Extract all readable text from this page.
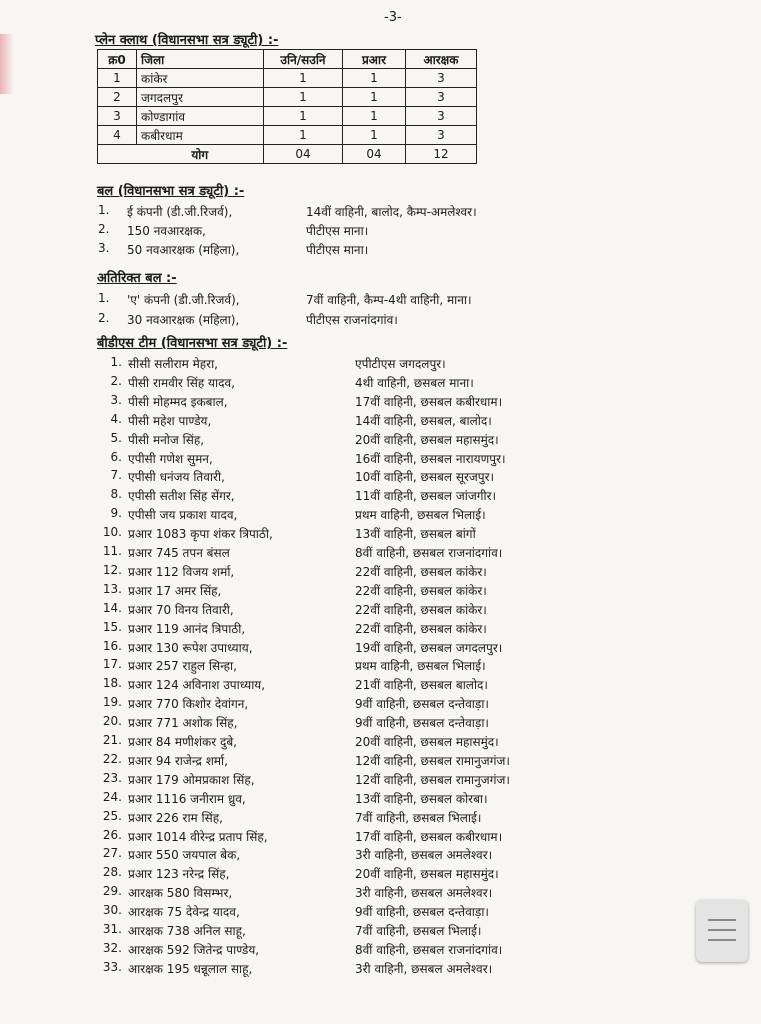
-3-
प्लेन क्लाथ (विधानसभा सत्र ड्यूटी) :-
क्र0	जिला	उनि/सउनि	प्रआर	आरक्षक
1	कांकेर	1	1	3
2	जगदलपुर	1	1	3
3	कोण्डागांव	1	1	3
4	कबीरधाम	1	1	3
	योग	04	04	12
बल (विधानसभा सत्र ड्यूटी) :-
1. ई कंपनी (डी.जी.रिजर्व),	14वीं वाहिनी, बालोद, कैम्प-अमलेश्वर।
2. 150 नवआरक्षक,	पीटीएस माना।
3. 50 नवआरक्षक (महिला),	पीटीएस माना।
अतिरिक्त बल :-
1. 'ए' कंपनी (डी.जी.रिजर्व),	7वीं वाहिनी, कैम्प-4थी वाहिनी, माना।
2. 30 नवआरक्षक (महिला),	पीटीएस राजनांदगांव।
बीडीएस टीम (विधानसभा सत्र ड्यूटी) :-
1. सीसी सलीराम मेहरा,	एपीटीएस जगदलपुर।
2. पीसी रामवीर सिंह यादव,	4थी वाहिनी, छसबल माना।
3. पीसी मोहम्मद इकबाल,	17वीं वाहिनी, छसबल कबीरधाम।
4. पीसी महेश पाण्डेय,	14वीं वाहिनी, छसबल, बालोद।
5. पीसी मनोज सिंह,	20वीं वाहिनी, छसबल महासमुंद।
6. एपीसी गणेश सुमन,	16वीं वाहिनी, छसबल नारायणपुर।
7. एपीसी धनंजय तिवारी,	10वीं वाहिनी, छसबल सूरजपुर।
8. एपीसी सतीश सिंह सेंगर,	11वीं वाहिनी, छसबल जांजगीर।
9. एपीसी जय प्रकाश यादव,	प्रथम वाहिनी, छसबल भिलाई।
10. प्रआर 1083 कृपा शंकर त्रिपाठी,	13वीं वाहिनी, छसबल बांगों
11. प्रआर 745 तपन बंसल	8वीं वाहिनी, छसबल राजनांदगांव।
12. प्रआर 112 विजय शर्मा,	22वीं वाहिनी, छसबल कांकेर।
13. प्रआर 17 अमर सिंह,	22वीं वाहिनी, छसबल कांकेर।
14. प्रआर 70 विनय तिवारी,	22वीं वाहिनी, छसबल कांकेर।
15. प्रआर 119 आनंद त्रिपाठी,	22वीं वाहिनी, छसबल कांकेर।
16. प्रआर 130 रूपेश उपाध्याय,	19वीं वाहिनी, छसबल जगदलपुर।
17. प्रआर 257 राहुल सिन्हा,	प्रथम वाहिनी, छसबल भिलाई।
18. प्रआर 124 अविनाश उपाध्याय,	21वीं वाहिनी, छसबल बालोद।
19. प्रआर 770 किशोर देवांगन,	9वीं वाहिनी, छसबल दन्तेवाड़ा।
20. प्रआर 771 अशोक सिंह,	9वीं वाहिनी, छसबल दन्तेवाड़ा।
21. प्रआर 84 मणीशंकर दुबे,	20वीं वाहिनी, छसबल महासमुंद।
22. प्रआर 94 राजेन्द्र शर्मा,	12वीं वाहिनी, छसबल रामानुजगंज।
23. प्रआर 179 ओमप्रकाश सिंह,	12वीं वाहिनी, छसबल रामानुजगंज।
24. प्रआर 1116 जनीराम ध्रुव,	13वीं वाहिनी, छसबल कोरबा।
25. प्रआर 226 राम सिंह,	7वीं वाहिनी, छसबल भिलाई।
26. प्रआर 1014 वीरेन्द्र प्रताप सिंह,	17वीं वाहिनी, छसबल कबीरधाम।
27. प्रआर 550 जयपाल बेक,	3री वाहिनी, छसबल अमलेश्वर।
28. प्रआर 123 नरेन्द्र सिंह,	20वीं वाहिनी, छसबल महासमुंद।
29. आरक्षक 580 विसम्भर,	3री वाहिनी, छसबल अमलेश्वर।
30. आरक्षक 75 देवेन्द्र यादव,	9वीं वाहिनी, छसबल दन्तेवाड़ा।
31. आरक्षक 738 अनिल साहू,	7वीं वाहिनी, छसबल भिलाई।
32. आरक्षक 592 जितेन्द्र पाण्डेय,	8वीं वाहिनी, छसबल राजनांदगांव।
33. आरक्षक 195 धन्नूलाल साहू,	3री वाहिनी, छसबल अमलेश्वर।
